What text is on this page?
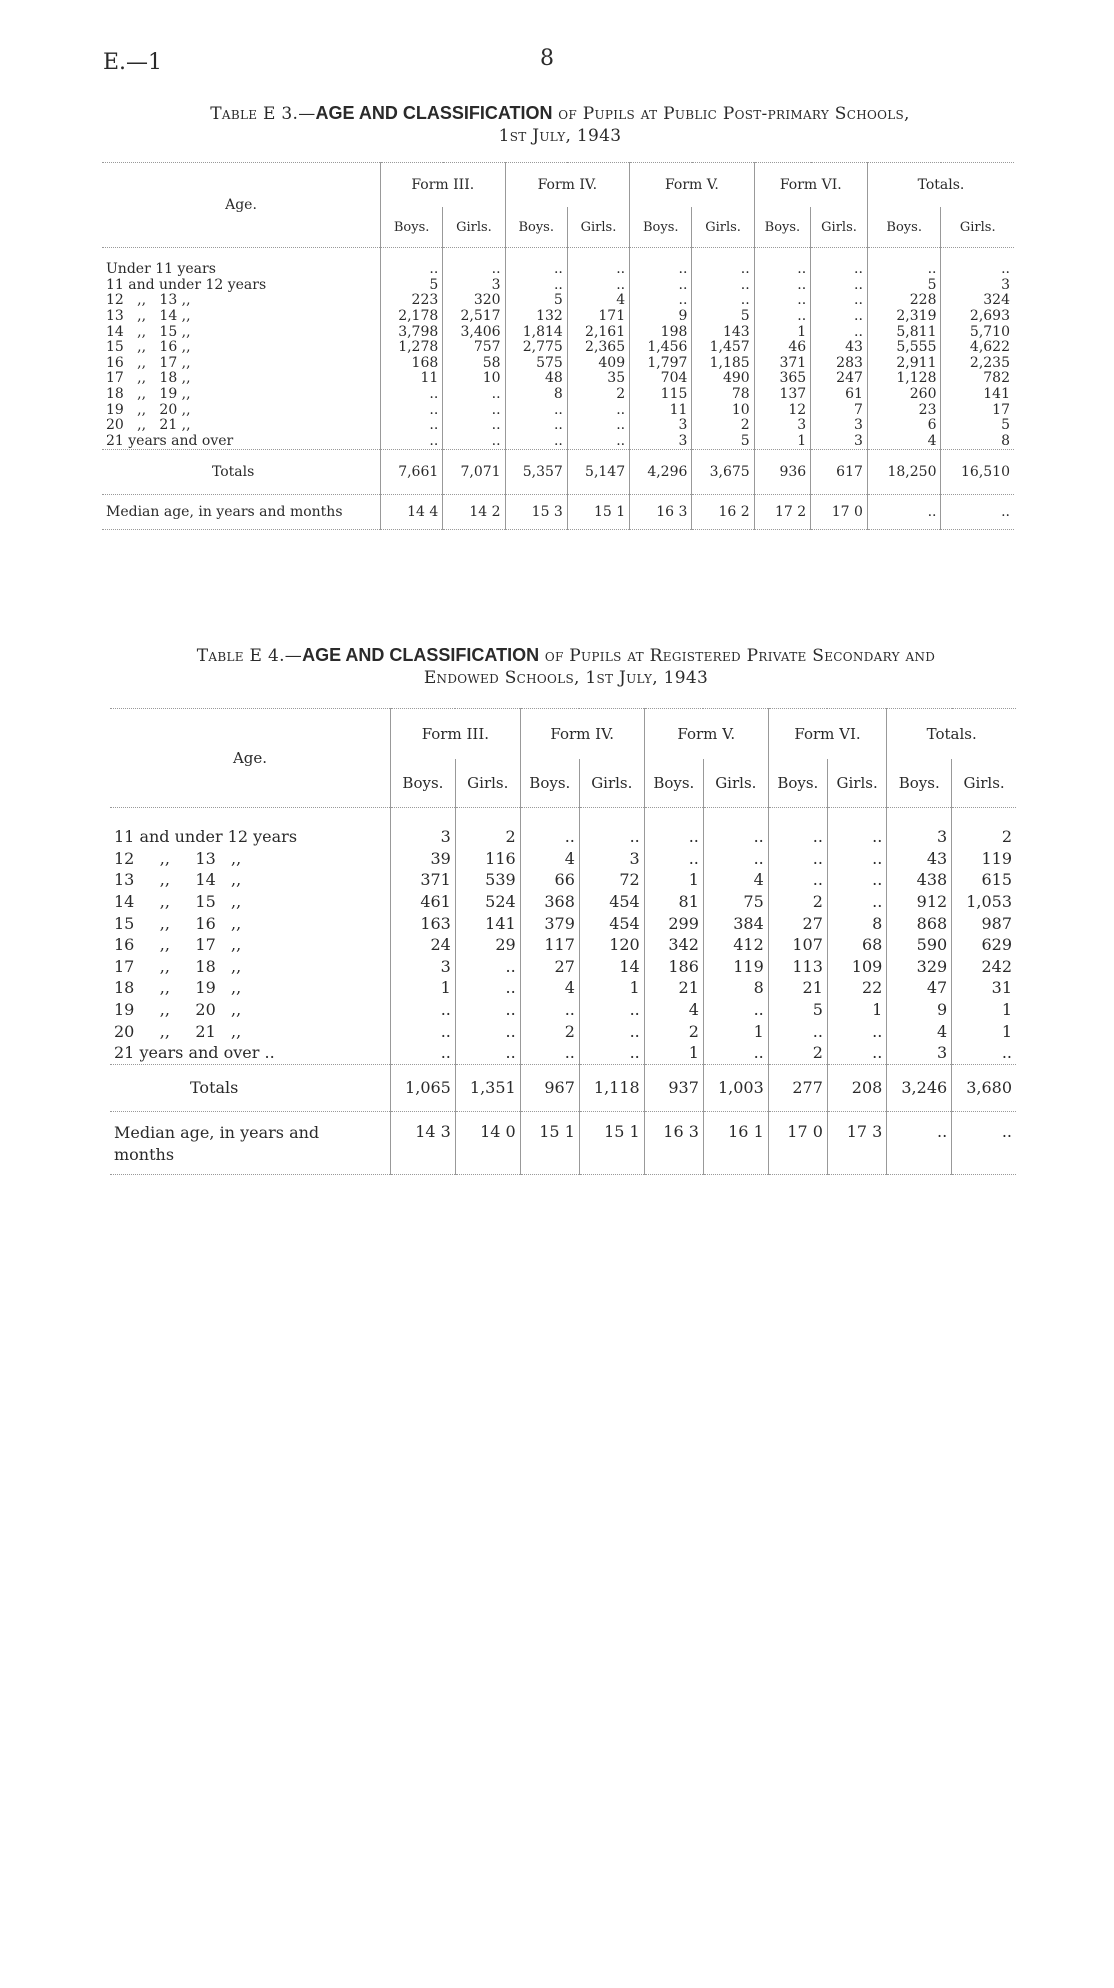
E.—1	8
Table E 3.—AGE AND CLASSIFICATION of Pupils at Public Post-primary Schools,
1st July, 1943
Age.	Form III.		Form IV.		Form V.		Form VI.		Totals.	
	Boys.	Girls.	Boys.	Girls.	Boys.	Girls.	Boys.	Girls.	Boys.	Girls.

Under 11 years	..	..	..	..	..	..	..	..	..	..
11 and under 12 years	5	3	..	..	..	..	..	..	5	3
12   ,,   13 ,,	223	320	5	4	..	..	..	..	228	324
13   ,,   14 ,,	2,178	2,517	132	171	9	5	..	..	2,319	2,693
14   ,,   15 ,,	3,798	3,406	1,814	2,161	198	143	1	..	5,811	5,710
15   ,,   16 ,,	1,278	757	2,775	2,365	1,456	1,457	46	43	5,555	4,622
16   ,,   17 ,,	168	58	575	409	1,797	1,185	371	283	2,911	2,235
17   ,,   18 ,,	11	10	48	35	704	490	365	247	1,128	782
18   ,,   19 ,,	..	..	8	2	115	78	137	61	260	141
19   ,,   20 ,,	..	..	..	..	11	10	12	7	23	17
20   ,,   21 ,,	..	..	..	..	3	2	3	3	6	5
21 years and over	..	..	..	..	3	5	1	3	4	8
Totals	7,661	7,071	5,357	5,147	4,296	3,675	936	617	18,250	16,510
Median age, in years and months	14 4	14 2	15 3	15 1	16 3	16 2	17 2	17 0	..	..
Table E 4.—AGE AND CLASSIFICATION of Pupils at Registered Private Secondary and
Endowed Schools, 1st July, 1943
Age.	Form III.		Form IV.		Form V.		Form VI.		Totals.	
	Boys.	Girls.	Boys.	Girls.	Boys.	Girls.	Boys.	Girls.	Boys.	Girls.

11 and under 12 years	3	2	..	..	..	..	..	..	3	2
12     ,,     13   ,,	39	116	4	3	..	..	..	..	43	119
13     ,,     14   ,,	371	539	66	72	1	4	..	..	438	615
14     ,,     15   ,,	461	524	368	454	81	75	2	..	912	1,053
15     ,,     16   ,,	163	141	379	454	299	384	27	8	868	987
16     ,,     17   ,,	24	29	117	120	342	412	107	68	590	629
17     ,,     18   ,,	3	..	27	14	186	119	113	109	329	242
18     ,,     19   ,,	1	..	4	1	21	8	21	22	47	31
19     ,,     20   ,,	..	..	..	..	4	..	5	1	9	1
20     ,,     21   ,,	..	..	2	..	2	1	..	..	4	1
21 years and over ..	..	..	..	..	1	..	2	..	3	..
Totals	1,065	1,351	967	1,118	937	1,003	277	208	3,246	3,680

Median age, in years and months	14 3	14 0	15 1	15 1	16 3	16 1	17 0	17 3	..	..
